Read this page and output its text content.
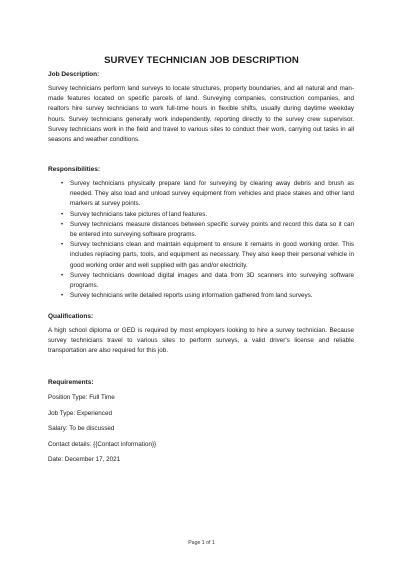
SURVEY TECHNICIAN JOB DESCRIPTION
Job Description:
Survey technicians perform land surveys to locate structures, property boundaries, and all natural and man-made features located on specific parcels of land. Surveying companies, construction companies, and realtors hire survey technicians to work full-time hours in flexible shifts, usually during daytime weekday hours. Survey technicians generally work independently, reporting directly to the survey crew supervisor. Survey technicians work in the field and travel to various sites to conduct their work, carrying out tasks in all seasons and weather conditions.
Responsibilities:
• Survey technicians physically prepare land for surveying by clearing away debris and brush as needed. They also load and unload survey equipment from vehicles and place stakes and other land markers at survey points.
• Survey technicians take pictures of land features.
• Survey technicians measure distances between specific survey points and record this data so it can be entered into surveying software programs.
• Survey technicians clean and maintain equipment to ensure it remains in good working order. This includes replacing parts, tools, and equipment as necessary. They also keep their personal vehicle in good working order and well supplied with gas and/or electricity.
• Survey technicians download digital images and data from 3D scanners into surveying software programs.
• Survey technicians write detailed reports using information gathered from land surveys.
Qualifications:
A high school diploma or GED is required by most employers looking to hire a survey technician. Because survey technicians travel to various sites to perform surveys, a valid driver's license and reliable transportation are also required for this job.
Requirements:
Position Type: Full Time
Job Type: Experienced
Salary: To be discussed
Contact details: {{Contact information}}
Date: December 17, 2021
Page 1 of 1
